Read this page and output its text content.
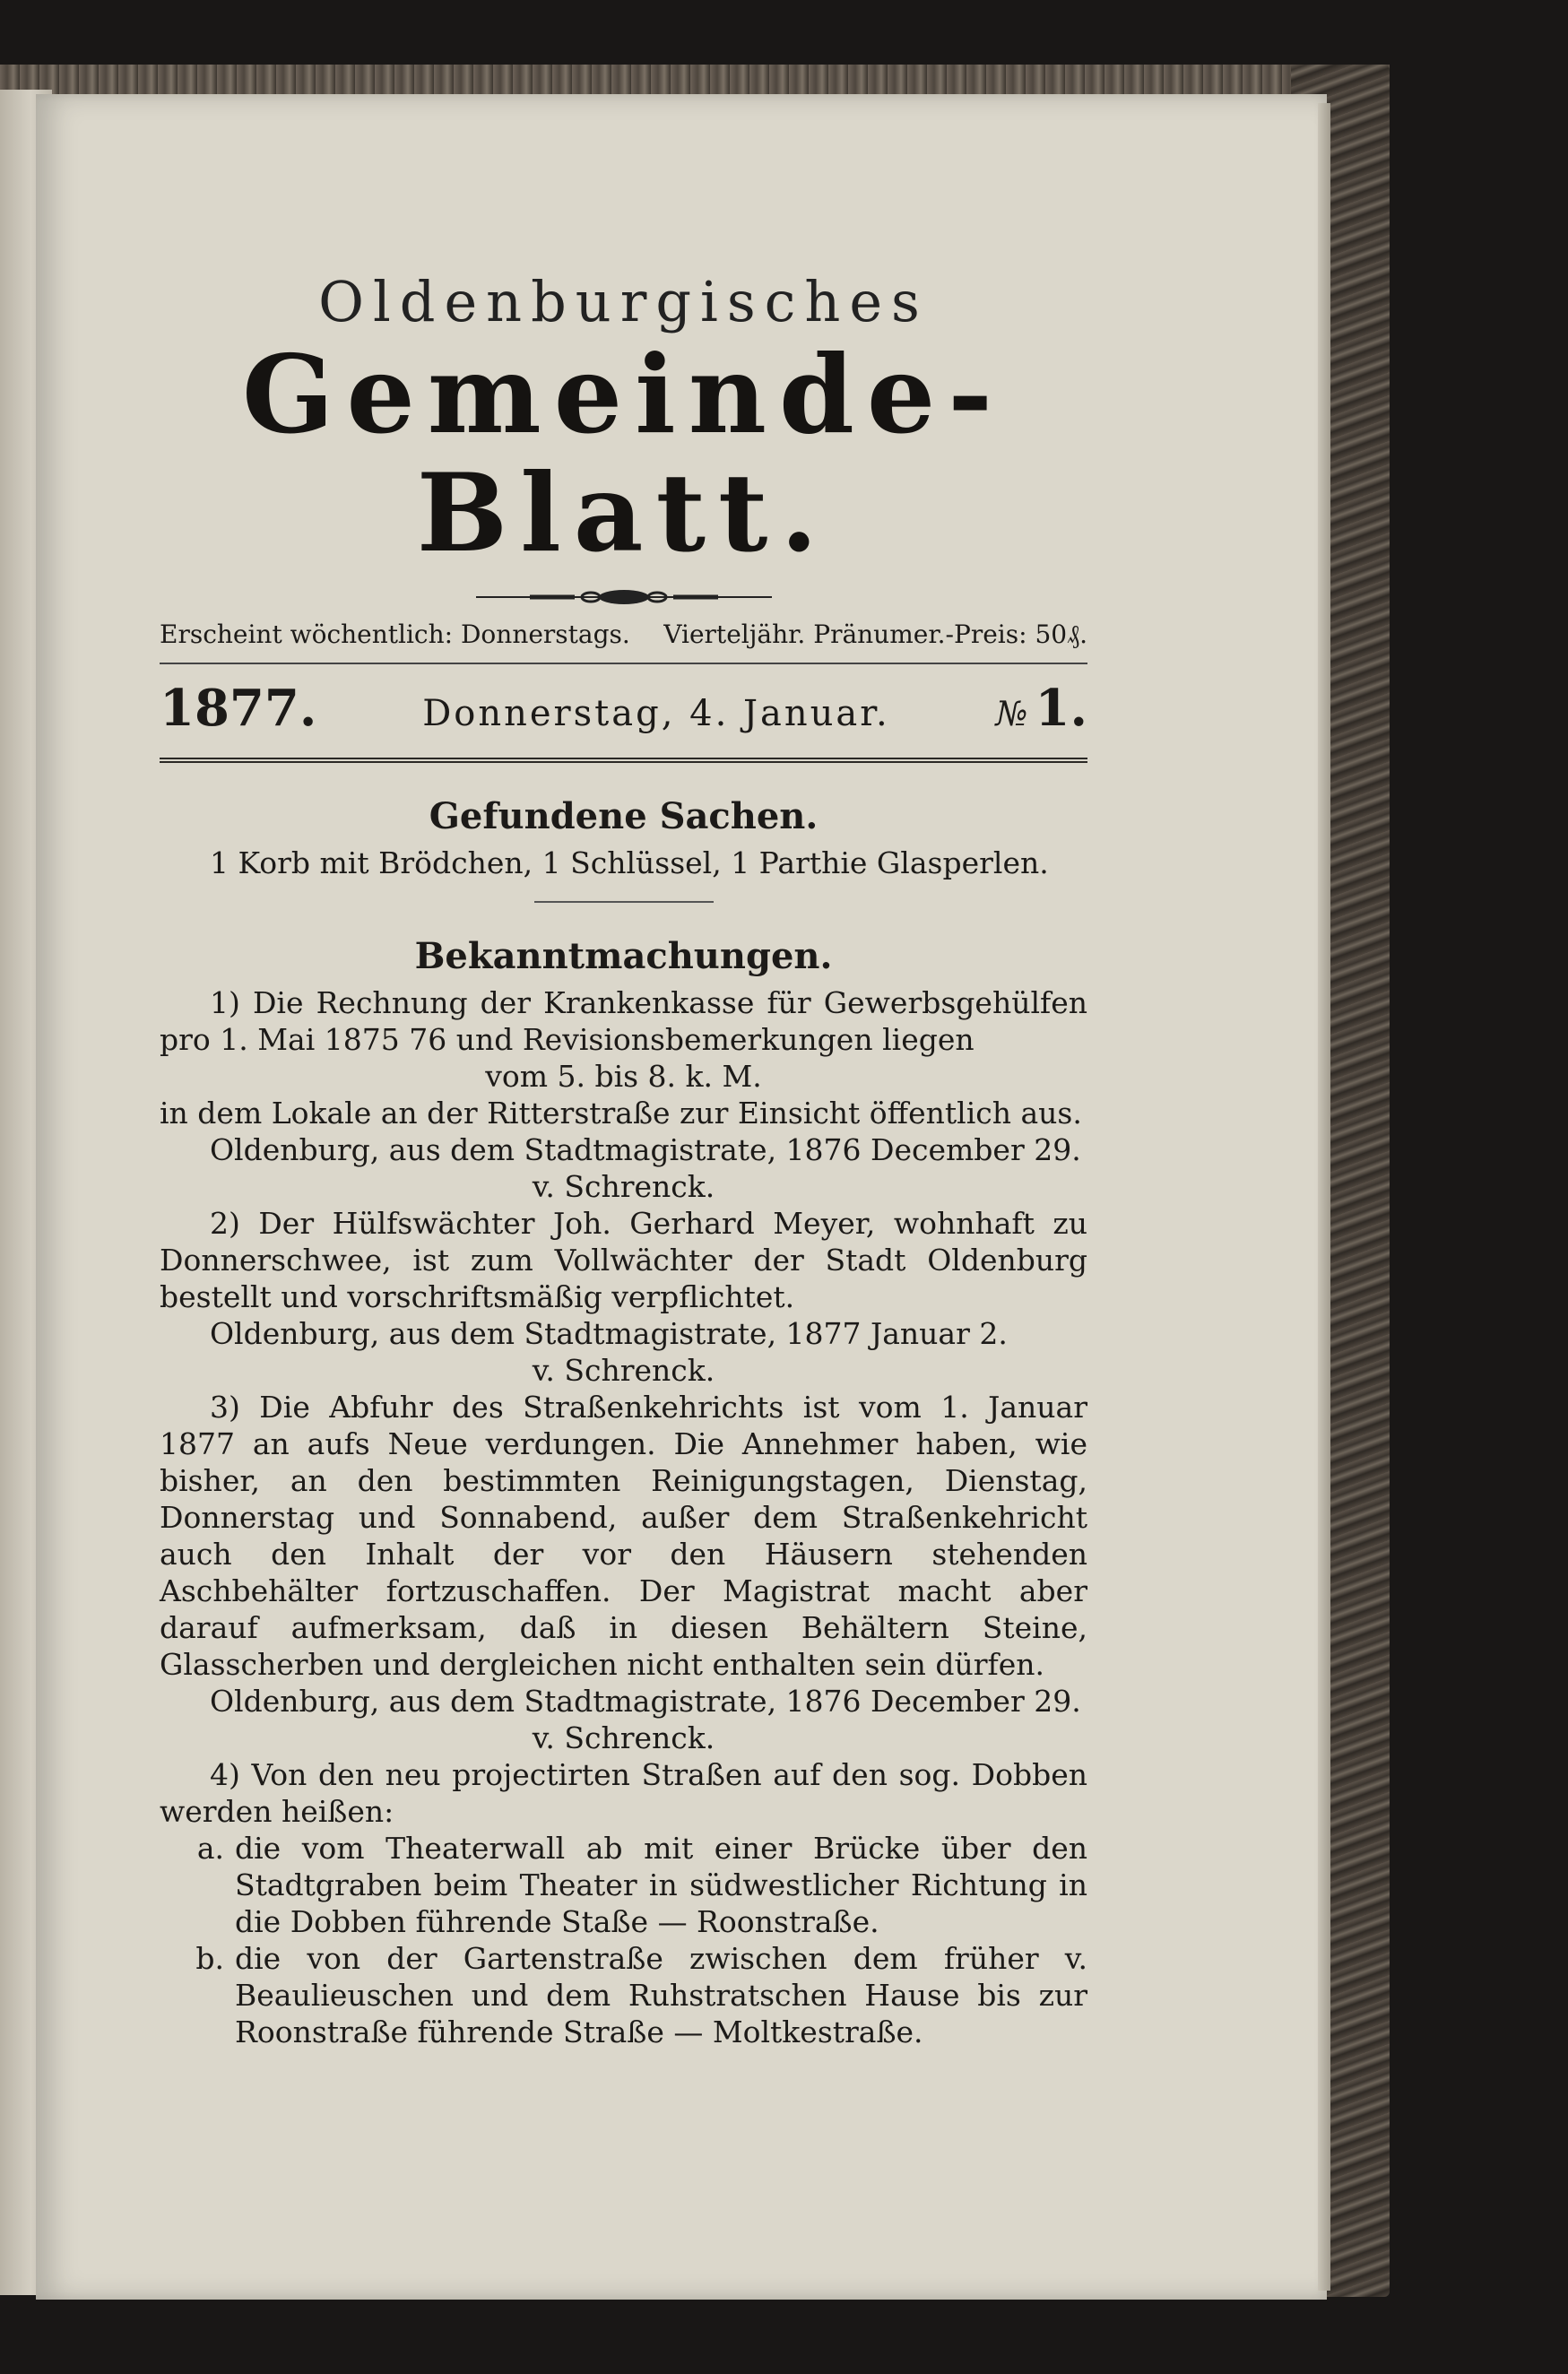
Oldenburgisches
Gemeinde-Blatt.
Erscheint wöchentlich: Donnerstags. Vierteljähr. Pränumer.-Preis: 50₰.
1877.	Donnerstag, 4. Januar.	№ 1.
Gefundene Sachen.

1 Korb mit Brödchen, 1 Schlüssel, 1 Parthie Glasperlen.

Bekanntmachungen.

1) Die Rechnung der Krankenkasse für Gewerbsgehülfen pro 1. Mai 1875 76 und Revisionsbemerkungen liegen

vom 5. bis 8. k. M.

in dem Lokale an der Ritterstraße zur Einsicht öffentlich aus.

Oldenburg, aus dem Stadtmagistrate, 1876 December 29.

v. Schrenck.

2) Der Hülfswächter Joh. Gerhard Meyer, wohnhaft zu Donnerschwee, ist zum Vollwächter der Stadt Oldenburg bestellt und vorschriftsmäßig verpflichtet.

Oldenburg, aus dem Stadtmagistrate, 1877 Januar 2.

v. Schrenck.

3) Die Abfuhr des Straßenkehrichts ist vom 1. Januar 1877 an aufs Neue verdungen. Die Annehmer haben, wie bisher, an den bestimmten Reinigungstagen, Dienstag, Donnerstag und Sonnabend, außer dem Straßenkehricht auch den Inhalt der vor den Häusern stehenden Aschbehälter fortzuschaffen. Der Magistrat macht aber darauf aufmerksam, daß in diesen Behältern Steine, Glasscherben und dergleichen nicht enthalten sein dürfen.

Oldenburg, aus dem Stadtmagistrate, 1876 December 29.

v. Schrenck.

4) Von den neu projectirten Straßen auf den sog. Dobben werden heißen:

a. die vom Theaterwall ab mit einer Brücke über den Stadtgraben beim Theater in südwestlicher Richtung in die Dobben führende Staße — Roonstraße.
b. die von der Gartenstraße zwischen dem früher v. Beaulieuschen und dem Ruhstratschen Hause bis zur Roonstraße führende Straße — Moltkestraße.
